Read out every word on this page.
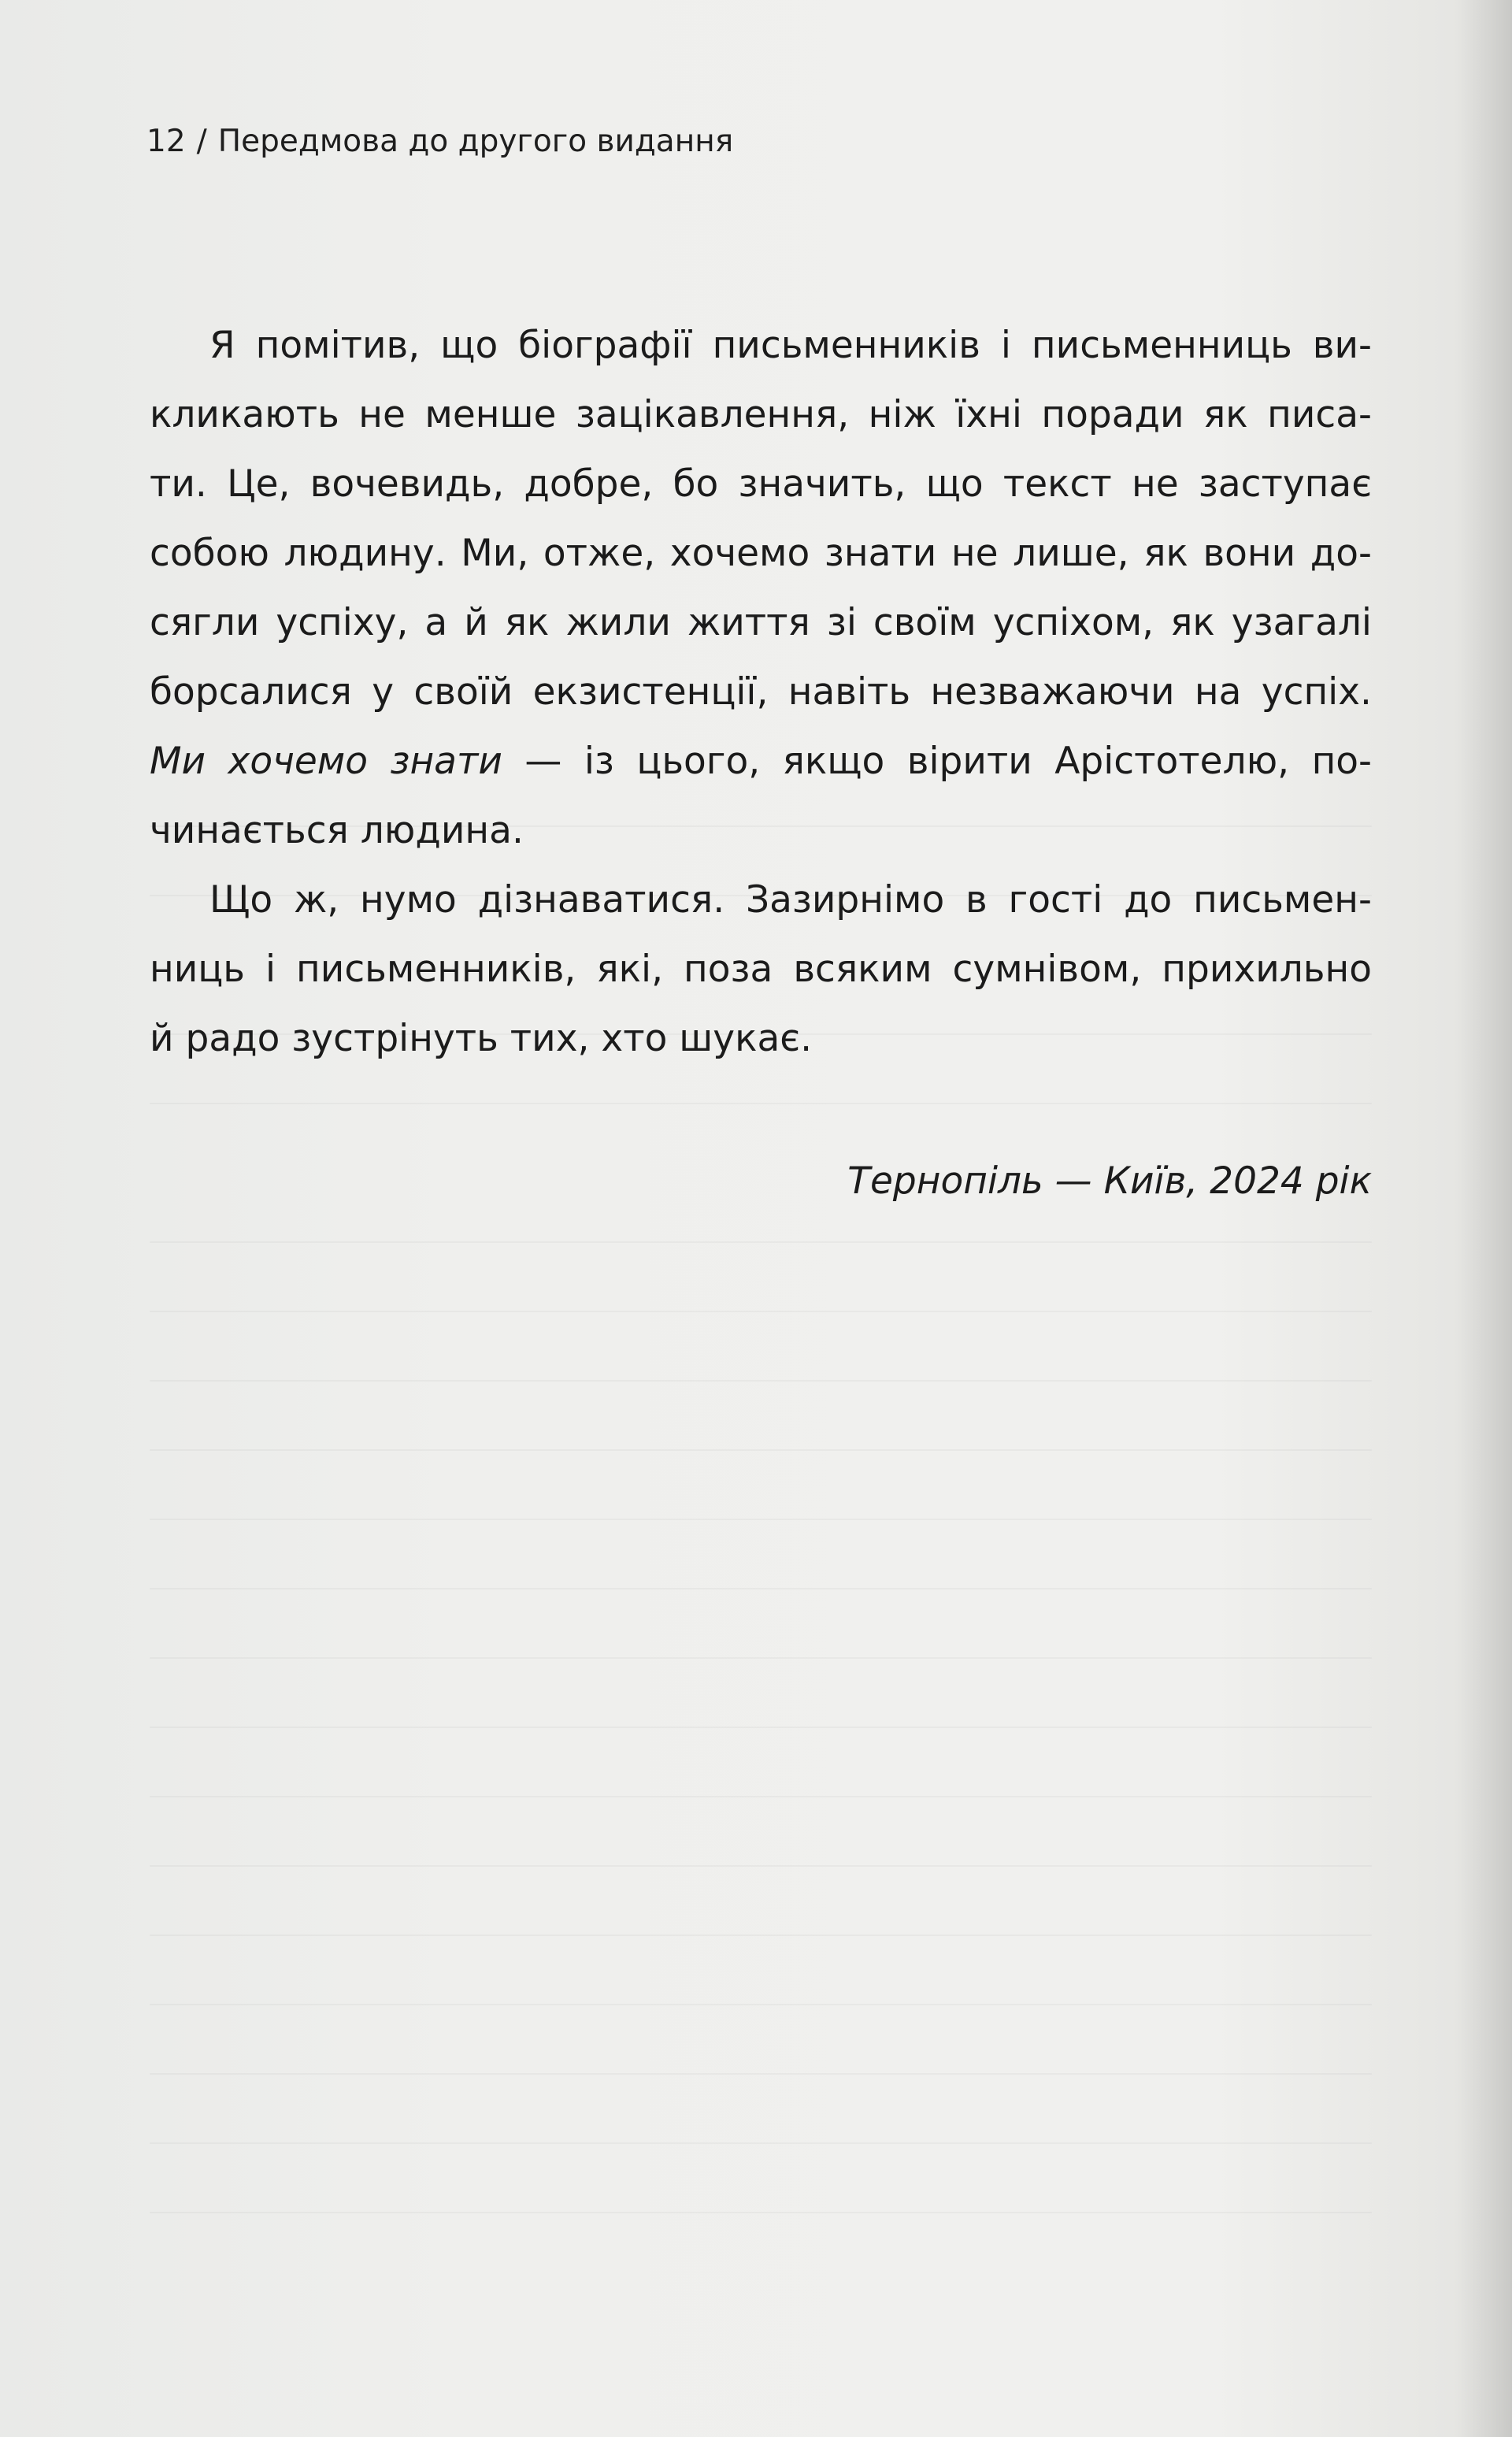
12 / Передмова до другого видання
Я помітив, що біографії письменників і письменниць ви-
кликають не менше зацікавлення, ніж їхні поради як писа-
ти. Це, вочевидь, добре, бо значить, що текст не заступає
собою людину. Ми, отже, хочемо знати не лише, як вони до-
сягли успіху, а й як жили життя зі своїм успіхом, як узагалі
борсалися у своїй екзистенції, навіть незважаючи на успіх.
Ми хочемо знати — із цього, якщо вірити Арістотелю, по-
чинається людина.
Що ж, нумо дізнаватися. Зазирнімо в гості до письмен-
ниць і письменників, які, поза всяким сумнівом, прихильно
й радо зустрінуть тих, хто шукає.
Тернопіль — Київ, 2024 рік
